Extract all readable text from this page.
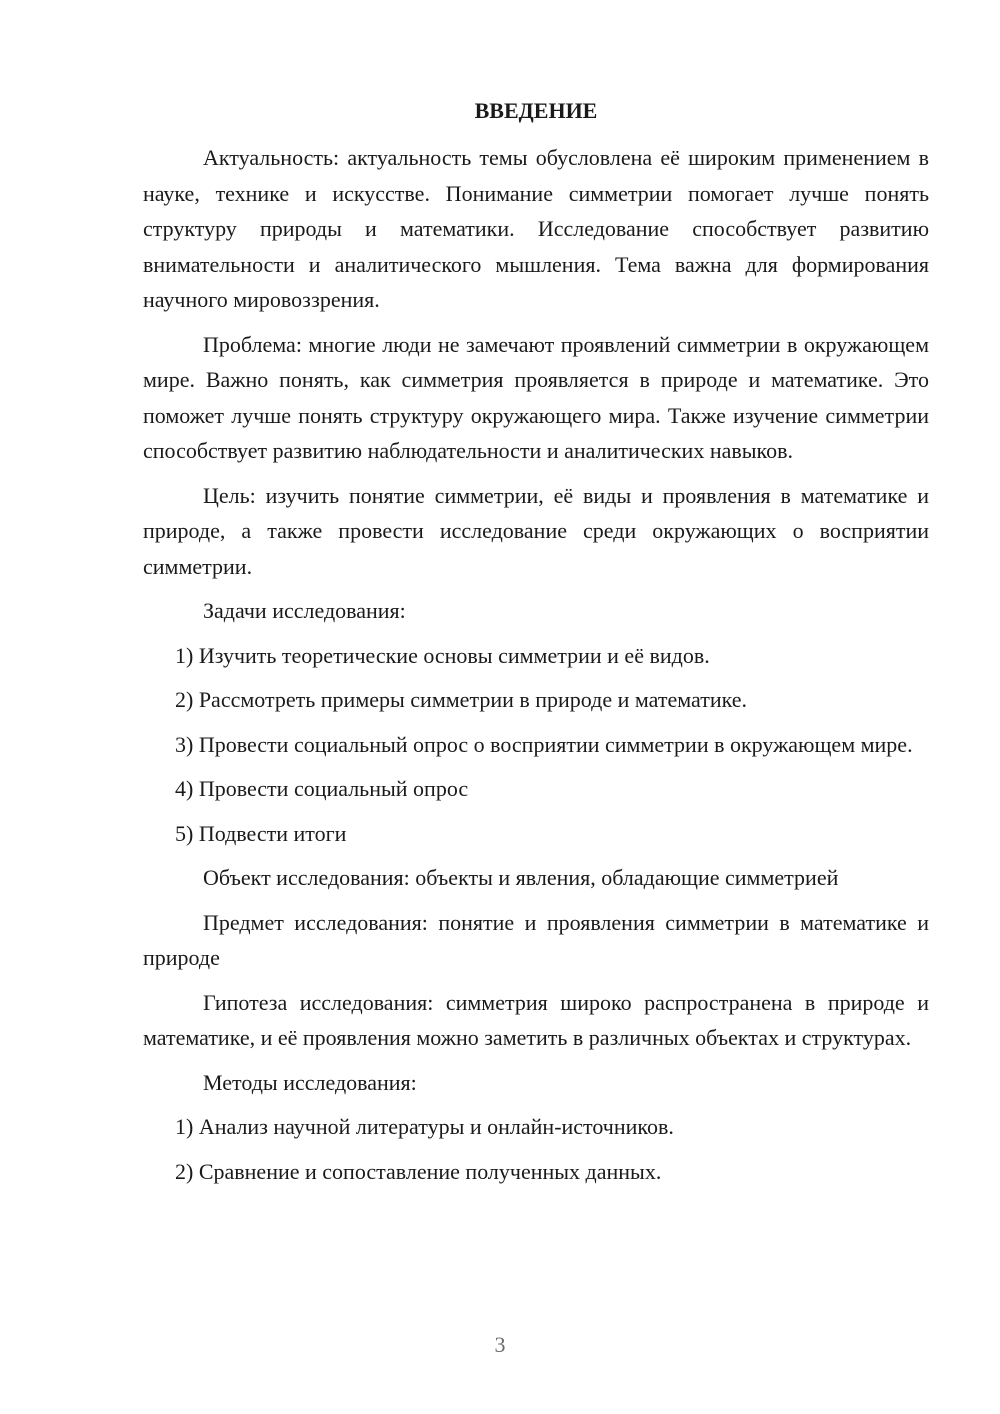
ВВЕДЕНИЕ

Актуальность: актуальность темы обусловлена её широким применением в науке, технике и искусстве. Понимание симметрии помогает лучше понять структуру природы и математики. Исследование способствует развитию внимательности и аналитического мышления. Тема важна для формирования научного мировоззрения.

Проблема: многие люди не замечают проявлений симметрии в окружающем мире. Важно понять, как симметрия проявляется в природе и математике. Это поможет лучше понять структуру окружающего мира. Также изучение симметрии способствует развитию наблюдательности и аналитических навыков.

Цель: изучить понятие симметрии, её виды и проявления в математике и природе, а также провести исследование среди окружающих о восприятии симметрии.

Задачи исследования:

1) Изучить теоретические основы симметрии и её видов.

2) Рассмотреть примеры симметрии в природе и математике.

3) Провести социальный опрос о восприятии симметрии в окружающем мире.

4) Провести социальный опрос

5) Подвести итоги

Объект исследования: объекты и явления, обладающие симметрией

Предмет исследования: понятие и проявления симметрии в математике и природе

Гипотеза исследования: симметрия широко распространена в природе и математике, и её проявления можно заметить в различных объектах и структурах.

Методы исследования:

1) Анализ научной литературы и онлайн-источников.

2) Сравнение и сопоставление полученных данных.

3
